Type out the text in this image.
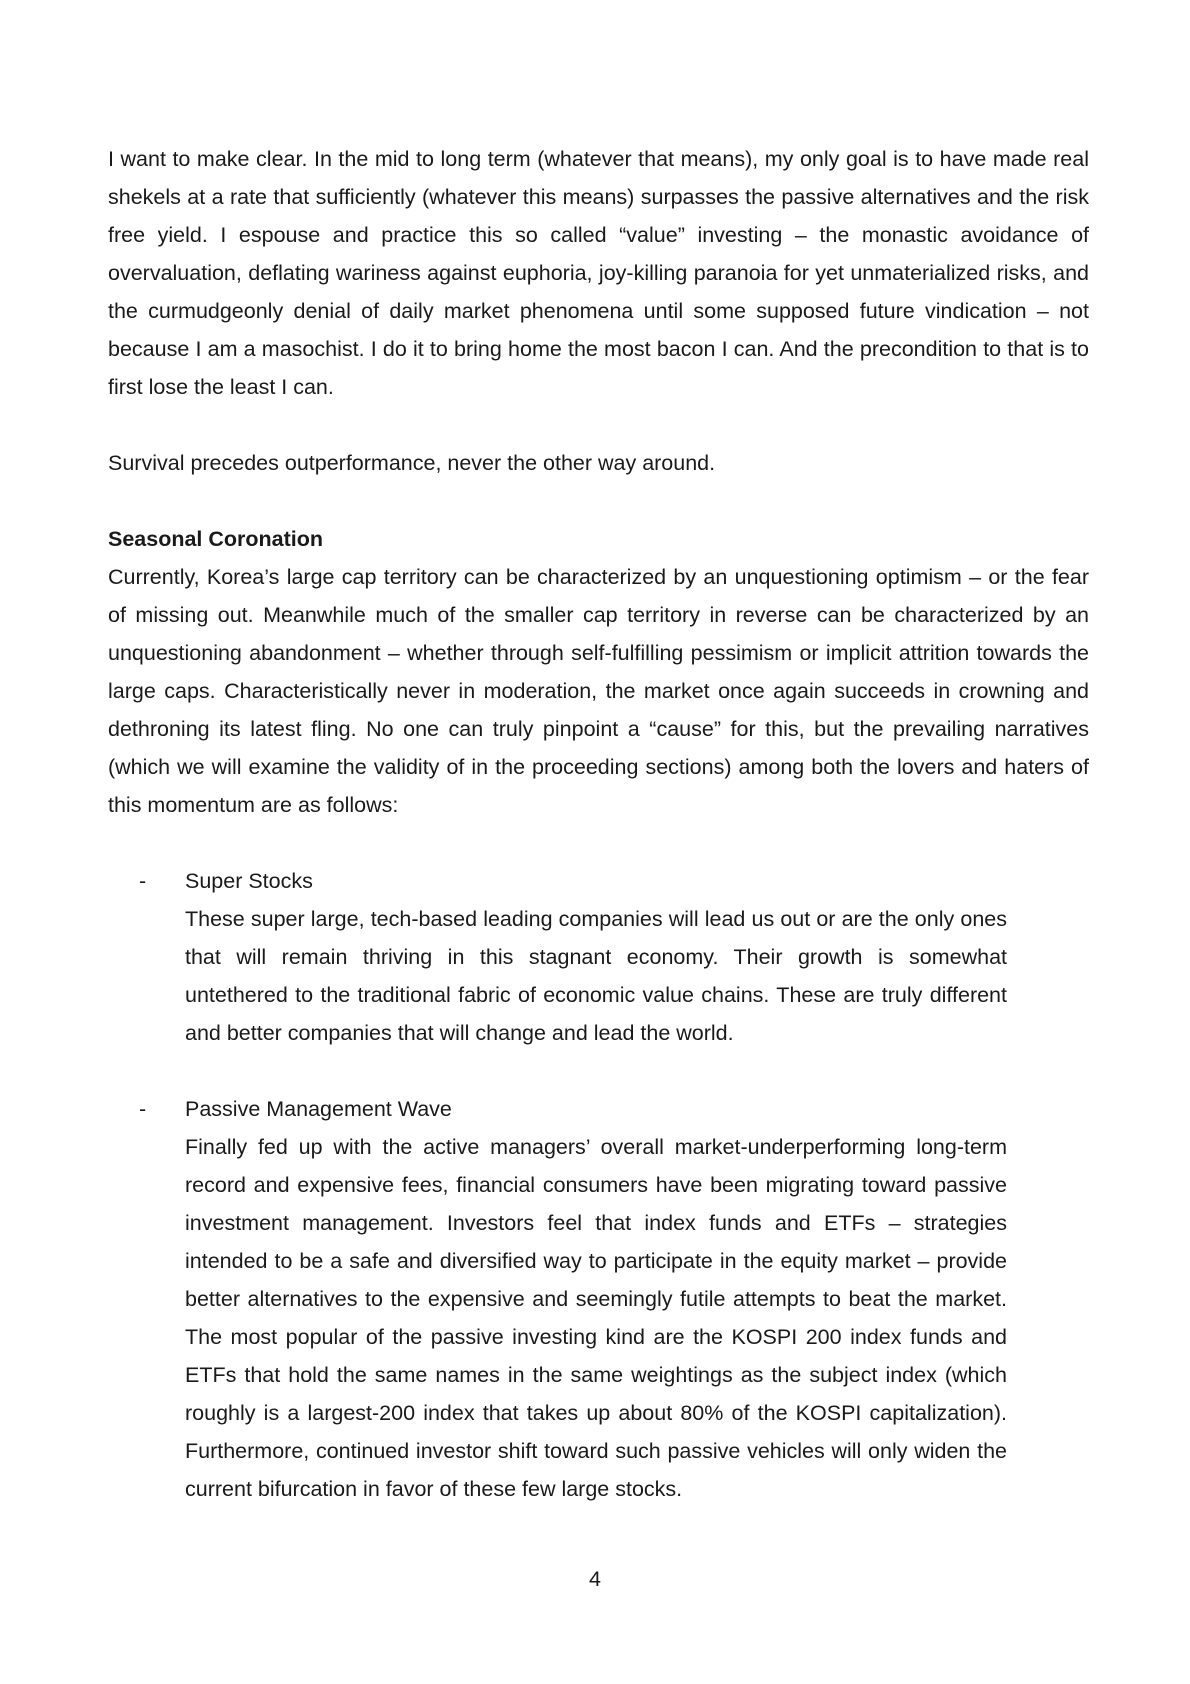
I want to make clear. In the mid to long term (whatever that means), my only goal is to have made real shekels at a rate that sufficiently (whatever this means) surpasses the passive alternatives and the risk free yield. I espouse and practice this so called “value” investing – the monastic avoidance of overvaluation, deflating wariness against euphoria, joy-killing paranoia for yet unmaterialized risks, and the curmudgeonly denial of daily market phenomena until some supposed future vindication – not because I am a masochist. I do it to bring home the most bacon I can. And the precondition to that is to first lose the least I can.

Survival precedes outperformance, never the other way around.

Seasonal Coronation

Currently, Korea’s large cap territory can be characterized by an unquestioning optimism – or the fear of missing out. Meanwhile much of the smaller cap territory in reverse can be characterized by an unquestioning abandonment – whether through self-fulfilling pessimism or implicit attrition towards the large caps. Characteristically never in moderation, the market once again succeeds in crowning and dethroning its latest fling. No one can truly pinpoint a “cause” for this, but the prevailing narratives (which we will examine the validity of in the proceeding sections) among both the lovers and haters of this momentum are as follows:

- Super Stocks

These super large, tech-based leading companies will lead us out or are the only ones that will remain thriving in this stagnant economy. Their growth is somewhat untethered to the traditional fabric of economic value chains. These are truly different and better companies that will change and lead the world.

- Passive Management Wave

Finally fed up with the active managers’ overall market-underperforming long-term record and expensive fees, financial consumers have been migrating toward passive investment management. Investors feel that index funds and ETFs – strategies intended to be a safe and diversified way to participate in the equity market – provide better alternatives to the expensive and seemingly futile attempts to beat the market. The most popular of the passive investing kind are the KOSPI 200 index funds and ETFs that hold the same names in the same weightings as the subject index (which roughly is a largest-200 index that takes up about 80% of the KOSPI capitalization). Furthermore, continued investor shift toward such passive vehicles will only widen the current bifurcation in favor of these few large stocks.

4
